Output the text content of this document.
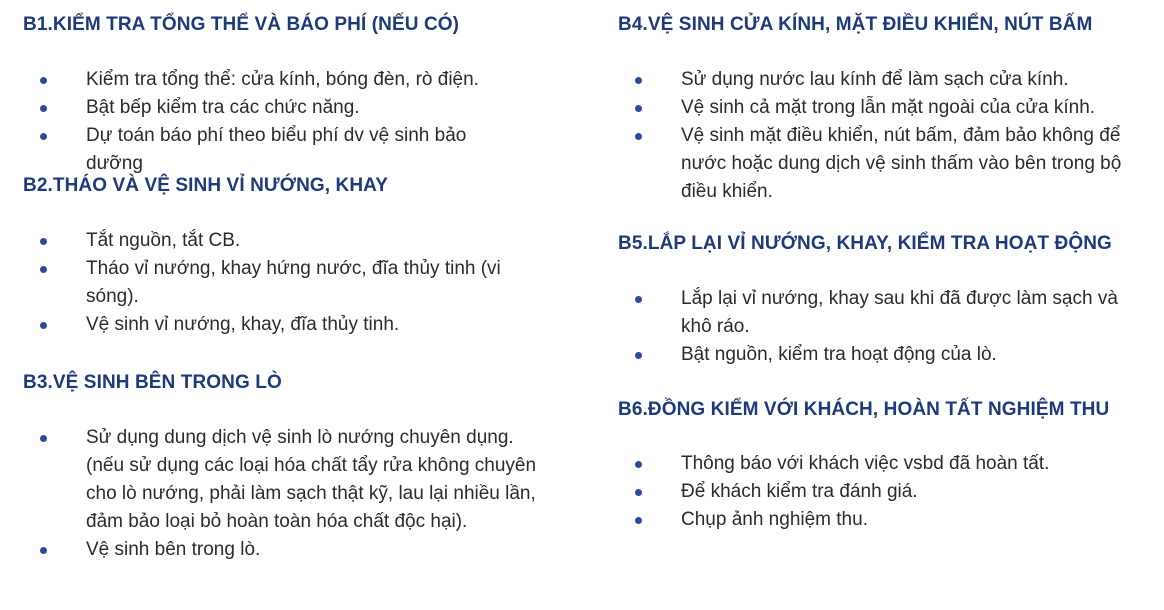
B1.KIỂM TRA TỔNG THỂ VÀ BÁO PHÍ (NẾU CÓ)
Kiểm tra tổng thể: cửa kính, bóng đèn, rò điện.
Bật bếp kiểm tra các chức năng.
Dự toán báo phí theo biểu phí dv vệ sinh bảo dưỡng
B2.THÁO VÀ VỆ SINH VỈ NƯỚNG, KHAY
Tắt nguồn, tắt CB.
Tháo vỉ nướng, khay hứng nước, đĩa thủy tinh (vi sóng).
Vệ sinh vỉ nướng, khay, đĩa thủy tinh.
B3.VỆ SINH BÊN TRONG LÒ
Sử dụng dung dịch vệ sinh lò nướng chuyên dụng. (nếu sử dụng các loại hóa chất tẩy rửa không chuyên cho lò nướng, phải làm sạch thật kỹ, lau lại nhiều lần, đảm bảo loại bỏ hoàn toàn hóa chất độc hại).
Vệ sinh bên trong lò.
B4.VỆ SINH CỬA KÍNH, MẶT ĐIỀU KHIỂN, NÚT BẤM
Sử dụng nước lau kính để làm sạch cửa kính.
Vệ sinh cả mặt trong lẫn mặt ngoài của cửa kính.
Vệ sinh mặt điều khiển, nút bấm, đảm bảo không để nước hoặc dung dịch vệ sinh thấm vào bên trong bộ điều khiển.
B5.LẮP LẠI VỈ NƯỚNG, KHAY, KIỂM TRA HOẠT ĐỘNG
Lắp lại vỉ nướng, khay sau khi đã được làm sạch và khô ráo.
Bật nguồn, kiểm tra hoạt động của lò.
B6.ĐỒNG KIỂM VỚI KHÁCH, HOÀN TẤT NGHIỆM THU
Thông báo với khách việc vsbd đã hoàn tất.
Để khách kiểm tra đánh giá.
Chụp ảnh nghiệm thu.
